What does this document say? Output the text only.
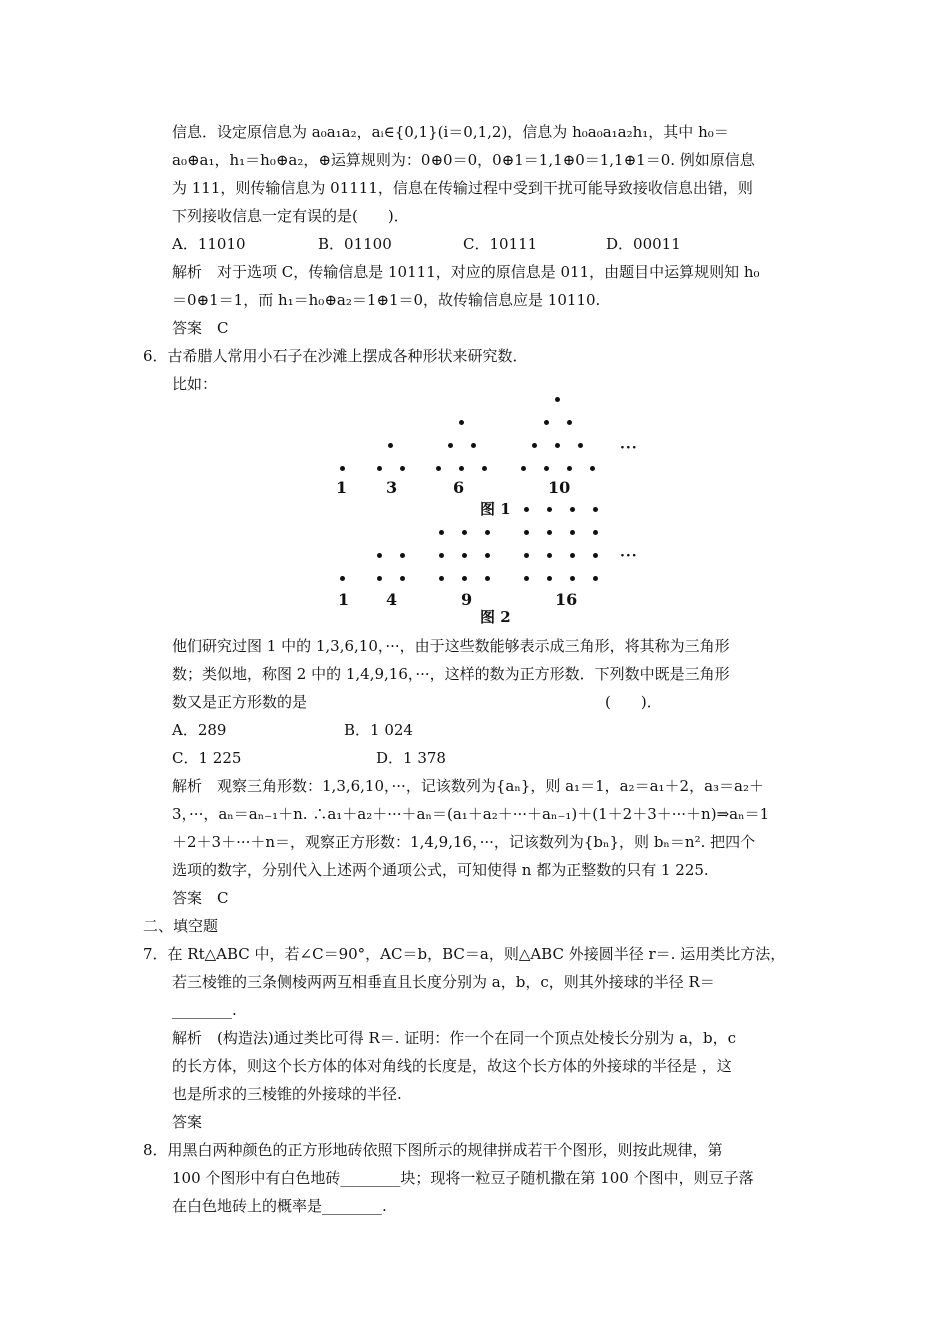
信息．设定原信息为 a₀a₁a₂，aᵢ∈{0,1}(i＝0,1,2)，信息为 h₀a₀a₁a₂h₁，其中 h₀＝
a₀⊕a₁，h₁＝h₀⊕a₂，⊕运算规则为：0⊕0＝0，0⊕1＝1,1⊕0＝1,1⊕1＝0. 例如原信息
为 111，则传输信息为 01111，信息在传输过程中受到干扰可能导致接收信息出错，则
下列接收信息一定有误的是(　　)．
A．11010	B．01100	C．10111	D．00011
解析　对于选项 C，传输信息是 10111，对应的原信息是 011，由题目中运算规则知 h₀
＝0⊕1＝1，而 h₁＝h₀⊕a₂＝1⊕1＝0，故传输信息应是 10110.
答案　C
6．古希腊人常用小石子在沙滩上摆成各种形状来研究数．
比如：
1 3	6	10
···
图 1
1 4	9	16
···
图 2
他们研究过图 1 中的 1,3,6,10，···，由于这些数能够表示成三角形，将其称为三角形
数；类似地，称图 2 中的 1,4,9,16，···，这样的数为正方形数．下列数中既是三角形
数又是正方形数的是	(　　)．
A．289	B．1 024
C．1 225	D．1 378
解析　观察三角形数：1,3,6,10，···，记该数列为{aₙ}，则 a₁＝1，a₂＝a₁＋2，a₃＝a₂＋
3，···，aₙ＝aₙ₋₁＋n. ∴a₁＋a₂＋···＋aₙ＝(a₁＋a₂＋···＋aₙ₋₁)＋(1＋2＋3＋···＋n)⇒aₙ＝1
＋2＋3＋···＋n＝，观察正方形数：1,4,9,16，···，记该数列为{bₙ}，则 bₙ＝n². 把四个
选项的数字，分别代入上述两个通项公式，可知使得 n 都为正整数的只有 1 225.
答案　C
二、填空题
7．在 Rt△ABC 中，若∠C＝90°，AC＝b，BC＝a，则△ABC 外接圆半径 r＝. 运用类比方法，
若三棱锥的三条侧棱两两互相垂直且长度分别为 a，b，c，则其外接球的半径 R＝
________.
解析　(构造法)通过类比可得 R＝. 证明：作一个在同一个顶点处棱长分别为 a，b，c
的长方体，则这个长方体的体对角线的长度是，故这个长方体的外接球的半径是 ，这
也是所求的三棱锥的外接球的半径.
答案
8．用黑白两种颜色的正方形地砖依照下图所示的规律拼成若干个图形，则按此规律，第
100 个图形中有白色地砖________块；现将一粒豆子随机撒在第 100 个图中，则豆子落
在白色地砖上的概率是________.
